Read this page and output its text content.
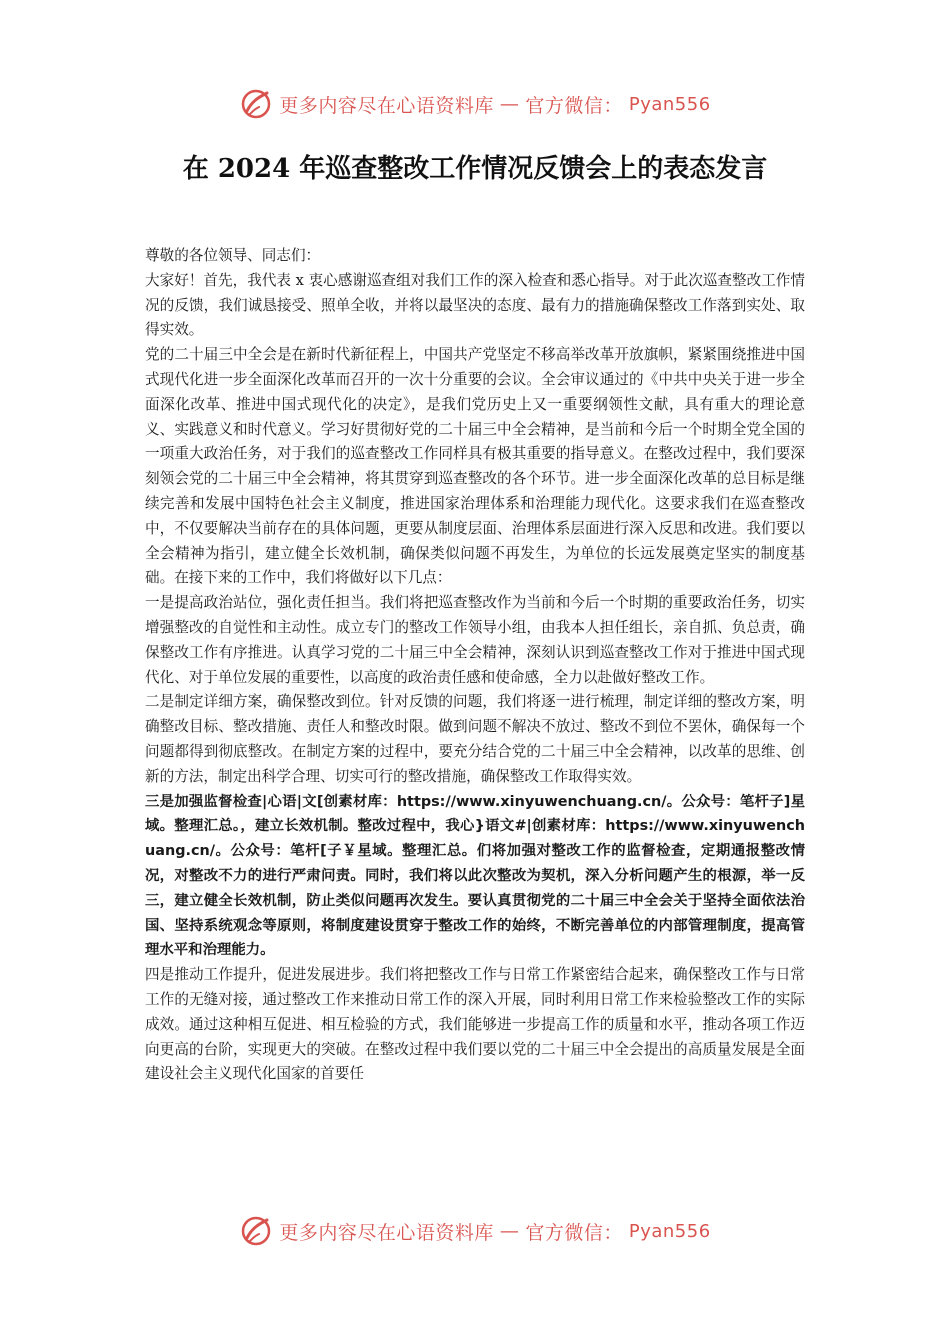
更多内容尽在心语资料库 — 官方微信： Pyan556
在 2024 年巡查整改工作情况反馈会上的表态发言

尊敬的各位领导、同志们：

大家好！首先，我代表 x 衷心感谢巡查组对我们工作的深入检查和悉心指导。对于此次巡查整改工作情况的反馈，我们诚恳接受、照单全收，并将以最坚决的态度、最有力的措施确保整改工作落到实处、取得实效。

党的二十届三中全会是在新时代新征程上，中国共产党坚定不移高举改革开放旗帜，紧紧围绕推进中国式现代化进一步全面深化改革而召开的一次十分重要的会议。全会审议通过的《中共中央关于进一步全面深化改革、推进中国式现代化的决定》，是我们党历史上又一重要纲领性文献，具有重大的理论意义、实践意义和时代意义。学习好贯彻好党的二十届三中全会精神，是当前和今后一个时期全党全国的一项重大政治任务，对于我们的巡查整改工作同样具有极其重要的指导意义。在整改过程中，我们要深刻领会党的二十届三中全会精神，将其贯穿到巡查整改的各个环节。进一步全面深化改革的总目标是继续完善和发展中国特色社会主义制度，推进国家治理体系和治理能力现代化。这要求我们在巡查整改中，不仅要解决当前存在的具体问题，更要从制度层面、治理体系层面进行深入反思和改进。我们要以全会精神为指引，建立健全长效机制，确保类似问题不再发生，为单位的长远发展奠定坚实的制度基础。在接下来的工作中，我们将做好以下几点：

一是提高政治站位，强化责任担当。我们将把巡查整改作为当前和今后一个时期的重要政治任务，切实增强整改的自觉性和主动性。成立专门的整改工作领导小组，由我本人担任组长，亲自抓、负总责，确保整改工作有序推进。认真学习党的二十届三中全会精神，深刻认识到巡查整改工作对于推进中国式现代化、对于单位发展的重要性，以高度的政治责任感和使命感，全力以赴做好整改工作。

二是制定详细方案，确保整改到位。针对反馈的问题，我们将逐一进行梳理，制定详细的整改方案，明确整改目标、整改措施、责任人和整改时限。做到问题不解决不放过、整改不到位不罢休，确保每一个问题都得到彻底整改。在制定方案的过程中，要充分结合党的二十届三中全会精神，以改革的思维、创新的方法，制定出科学合理、切实可行的整改措施，确保整改工作取得实效。

三是加强监督检查|心语|文[创素材库：https://www.xinyuwenchuang.cn/。公众号：笔杆子]星域。整理汇总。，建立长效机制。整改过程中，我心}语文#|创素材库：https://www.xinyuwenchuang.cn/。公众号：笔杆[子￥星域。整理汇总。们将加强对整改工作的监督检查，定期通报整改情况，对整改不力的进行严肃问责。同时，我们将以此次整改为契机，深入分析问题产生的根源，举一反三，建立健全长效机制，防止类似问题再次发生。要认真贯彻党的二十届三中全会关于坚持全面依法治国、坚持系统观念等原则，将制度建设贯穿于整改工作的始终，不断完善单位的内部管理制度，提高管理水平和治理能力。

四是推动工作提升，促进发展进步。我们将把整改工作与日常工作紧密结合起来，确保整改工作与日常工作的无缝对接，通过整改工作来推动日常工作的深入开展，同时利用日常工作来检验整改工作的实际成效。通过这种相互促进、相互检验的方式，我们能够进一步提高工作的质量和水平，推动各项工作迈向更高的台阶，实现更大的突破。在整改过程中我们要以党的二十届三中全会提出的高质量发展是全面建设社会主义现代化国家的首要任

更多内容尽在心语资料库 — 官方微信： Pyan556
